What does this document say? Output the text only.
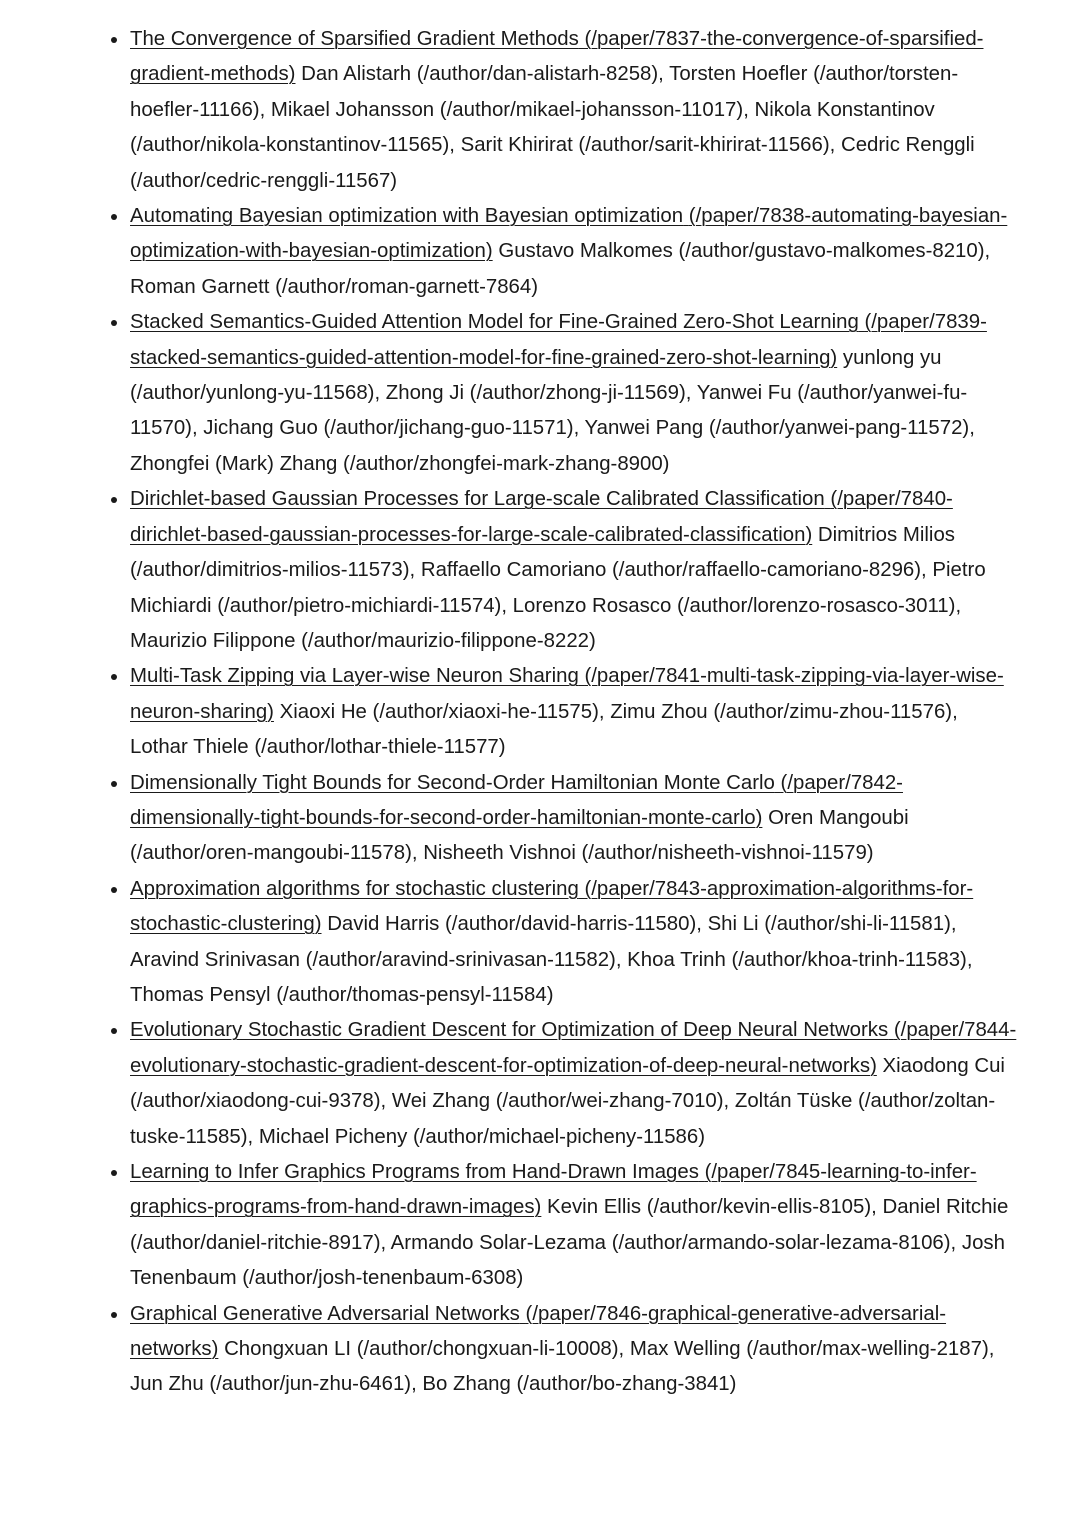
The Convergence of Sparsified Gradient Methods (/paper/7837-the-convergence-of-sparsified-gradient-methods) Dan Alistarh (/author/dan-alistarh-8258), Torsten Hoefler (/author/torsten-hoefler-11166), Mikael Johansson (/author/mikael-johansson-11017), Nikola Konstantinov (/author/nikola-konstantinov-11565), Sarit Khirirat (/author/sarit-khirirat-11566), Cedric Renggli (/author/cedric-renggli-11567)
Automating Bayesian optimization with Bayesian optimization (/paper/7838-automating-bayesian-optimization-with-bayesian-optimization) Gustavo Malkomes (/author/gustavo-malkomes-8210), Roman Garnett (/author/roman-garnett-7864)
Stacked Semantics-Guided Attention Model for Fine-Grained Zero-Shot Learning (/paper/7839-stacked-semantics-guided-attention-model-for-fine-grained-zero-shot-learning) yunlong yu (/author/yunlong-yu-11568), Zhong Ji (/author/zhong-ji-11569), Yanwei Fu (/author/yanwei-fu-11570), Jichang Guo (/author/jichang-guo-11571), Yanwei Pang (/author/yanwei-pang-11572), Zhongfei (Mark) Zhang (/author/zhongfei-mark-zhang-8900)
Dirichlet-based Gaussian Processes for Large-scale Calibrated Classification (/paper/7840-dirichlet-based-gaussian-processes-for-large-scale-calibrated-classification) Dimitrios Milios (/author/dimitrios-milios-11573), Raffaello Camoriano (/author/raffaello-camoriano-8296), Pietro Michiardi (/author/pietro-michiardi-11574), Lorenzo Rosasco (/author/lorenzo-rosasco-3011), Maurizio Filippone (/author/maurizio-filippone-8222)
Multi-Task Zipping via Layer-wise Neuron Sharing (/paper/7841-multi-task-zipping-via-layer-wise-neuron-sharing) Xiaoxi He (/author/xiaoxi-he-11575), Zimu Zhou (/author/zimu-zhou-11576), Lothar Thiele (/author/lothar-thiele-11577)
Dimensionally Tight Bounds for Second-Order Hamiltonian Monte Carlo (/paper/7842-dimensionally-tight-bounds-for-second-order-hamiltonian-monte-carlo) Oren Mangoubi (/author/oren-mangoubi-11578), Nisheeth Vishnoi (/author/nisheeth-vishnoi-11579)
Approximation algorithms for stochastic clustering (/paper/7843-approximation-algorithms-for-stochastic-clustering) David Harris (/author/david-harris-11580), Shi Li (/author/shi-li-11581), Aravind Srinivasan (/author/aravind-srinivasan-11582), Khoa Trinh (/author/khoa-trinh-11583), Thomas Pensyl (/author/thomas-pensyl-11584)
Evolutionary Stochastic Gradient Descent for Optimization of Deep Neural Networks (/paper/7844-evolutionary-stochastic-gradient-descent-for-optimization-of-deep-neural-networks) Xiaodong Cui (/author/xiaodong-cui-9378), Wei Zhang (/author/wei-zhang-7010), Zoltán Tüske (/author/zoltan-tuske-11585), Michael Picheny (/author/michael-picheny-11586)
Learning to Infer Graphics Programs from Hand-Drawn Images (/paper/7845-learning-to-infer-graphics-programs-from-hand-drawn-images) Kevin Ellis (/author/kevin-ellis-8105), Daniel Ritchie (/author/daniel-ritchie-8917), Armando Solar-Lezama (/author/armando-solar-lezama-8106), Josh Tenenbaum (/author/josh-tenenbaum-6308)
Graphical Generative Adversarial Networks (/paper/7846-graphical-generative-adversarial-networks) Chongxuan LI (/author/chongxuan-li-10008), Max Welling (/author/max-welling-2187), Jun Zhu (/author/jun-zhu-6461), Bo Zhang (/author/bo-zhang-3841)
